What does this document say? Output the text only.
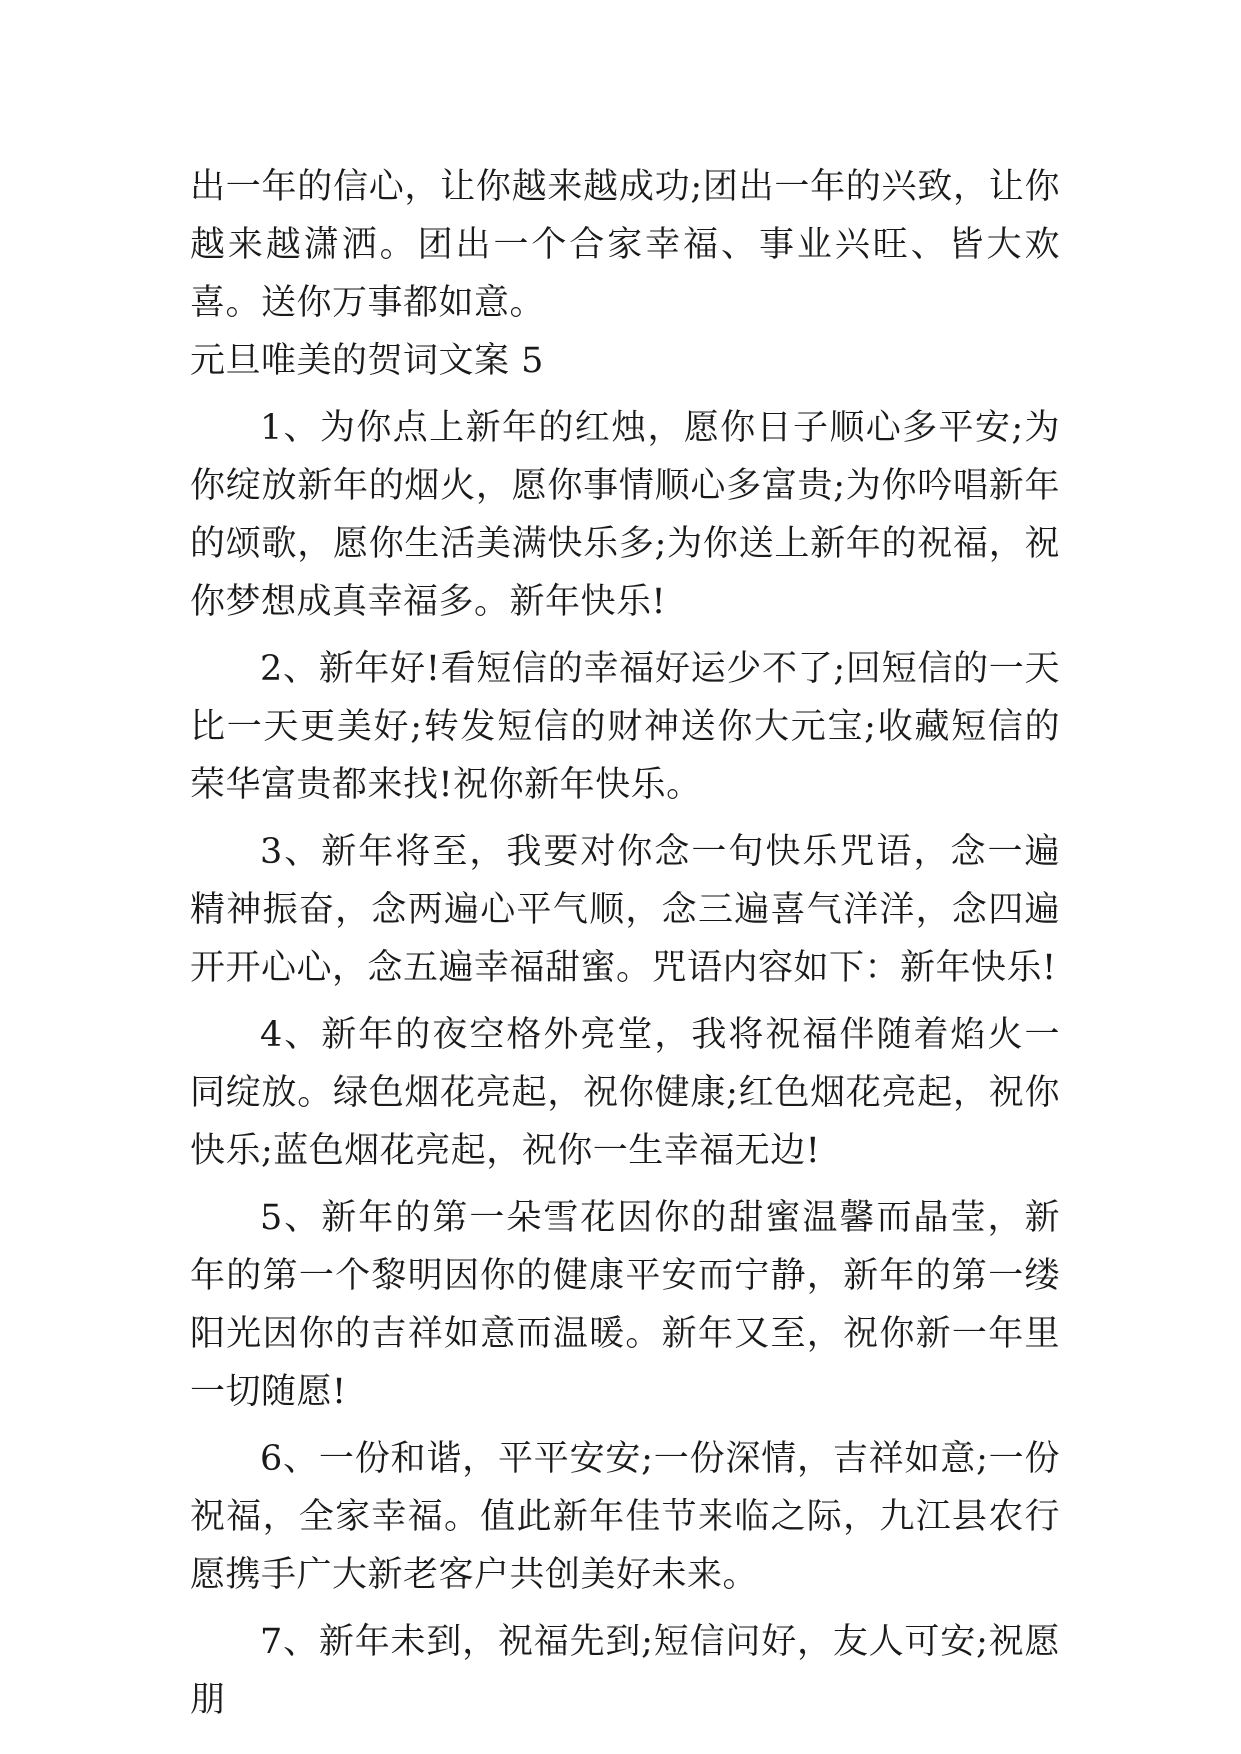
出一年的信心，让你越来越成功;团出一年的兴致，让你越来越潇洒。团出一个合家幸福、事业兴旺、皆大欢喜。送你万事都如意。

元旦唯美的贺词文案 5

1、为你点上新年的红烛，愿你日子顺心多平安;为你绽放新年的烟火，愿你事情顺心多富贵;为你吟唱新年的颂歌，愿你生活美满快乐多;为你送上新年的祝福，祝你梦想成真幸福多。新年快乐!

2、新年好!看短信的幸福好运少不了;回短信的一天比一天更美好;转发短信的财神送你大元宝;收藏短信的荣华富贵都来找!祝你新年快乐。

3、新年将至，我要对你念一句快乐咒语，念一遍精神振奋，念两遍心平气顺，念三遍喜气洋洋，念四遍开开心心，念五遍幸福甜蜜。咒语内容如下：新年快乐!

4、新年的夜空格外亮堂，我将祝福伴随着焰火一同绽放。绿色烟花亮起，祝你健康;红色烟花亮起，祝你快乐;蓝色烟花亮起，祝你一生幸福无边!

5、新年的第一朵雪花因你的甜蜜温馨而晶莹，新年的第一个黎明因你的健康平安而宁静，新年的第一缕阳光因你的吉祥如意而温暖。新年又至，祝你新一年里一切随愿!

6、一份和谐，平平安安;一份深情，吉祥如意;一份祝福，全家幸福。值此新年佳节来临之际，九江县农行愿携手广大新老客户共创美好未来。

7、新年未到，祝福先到;短信问好，友人可安;祝愿朋
